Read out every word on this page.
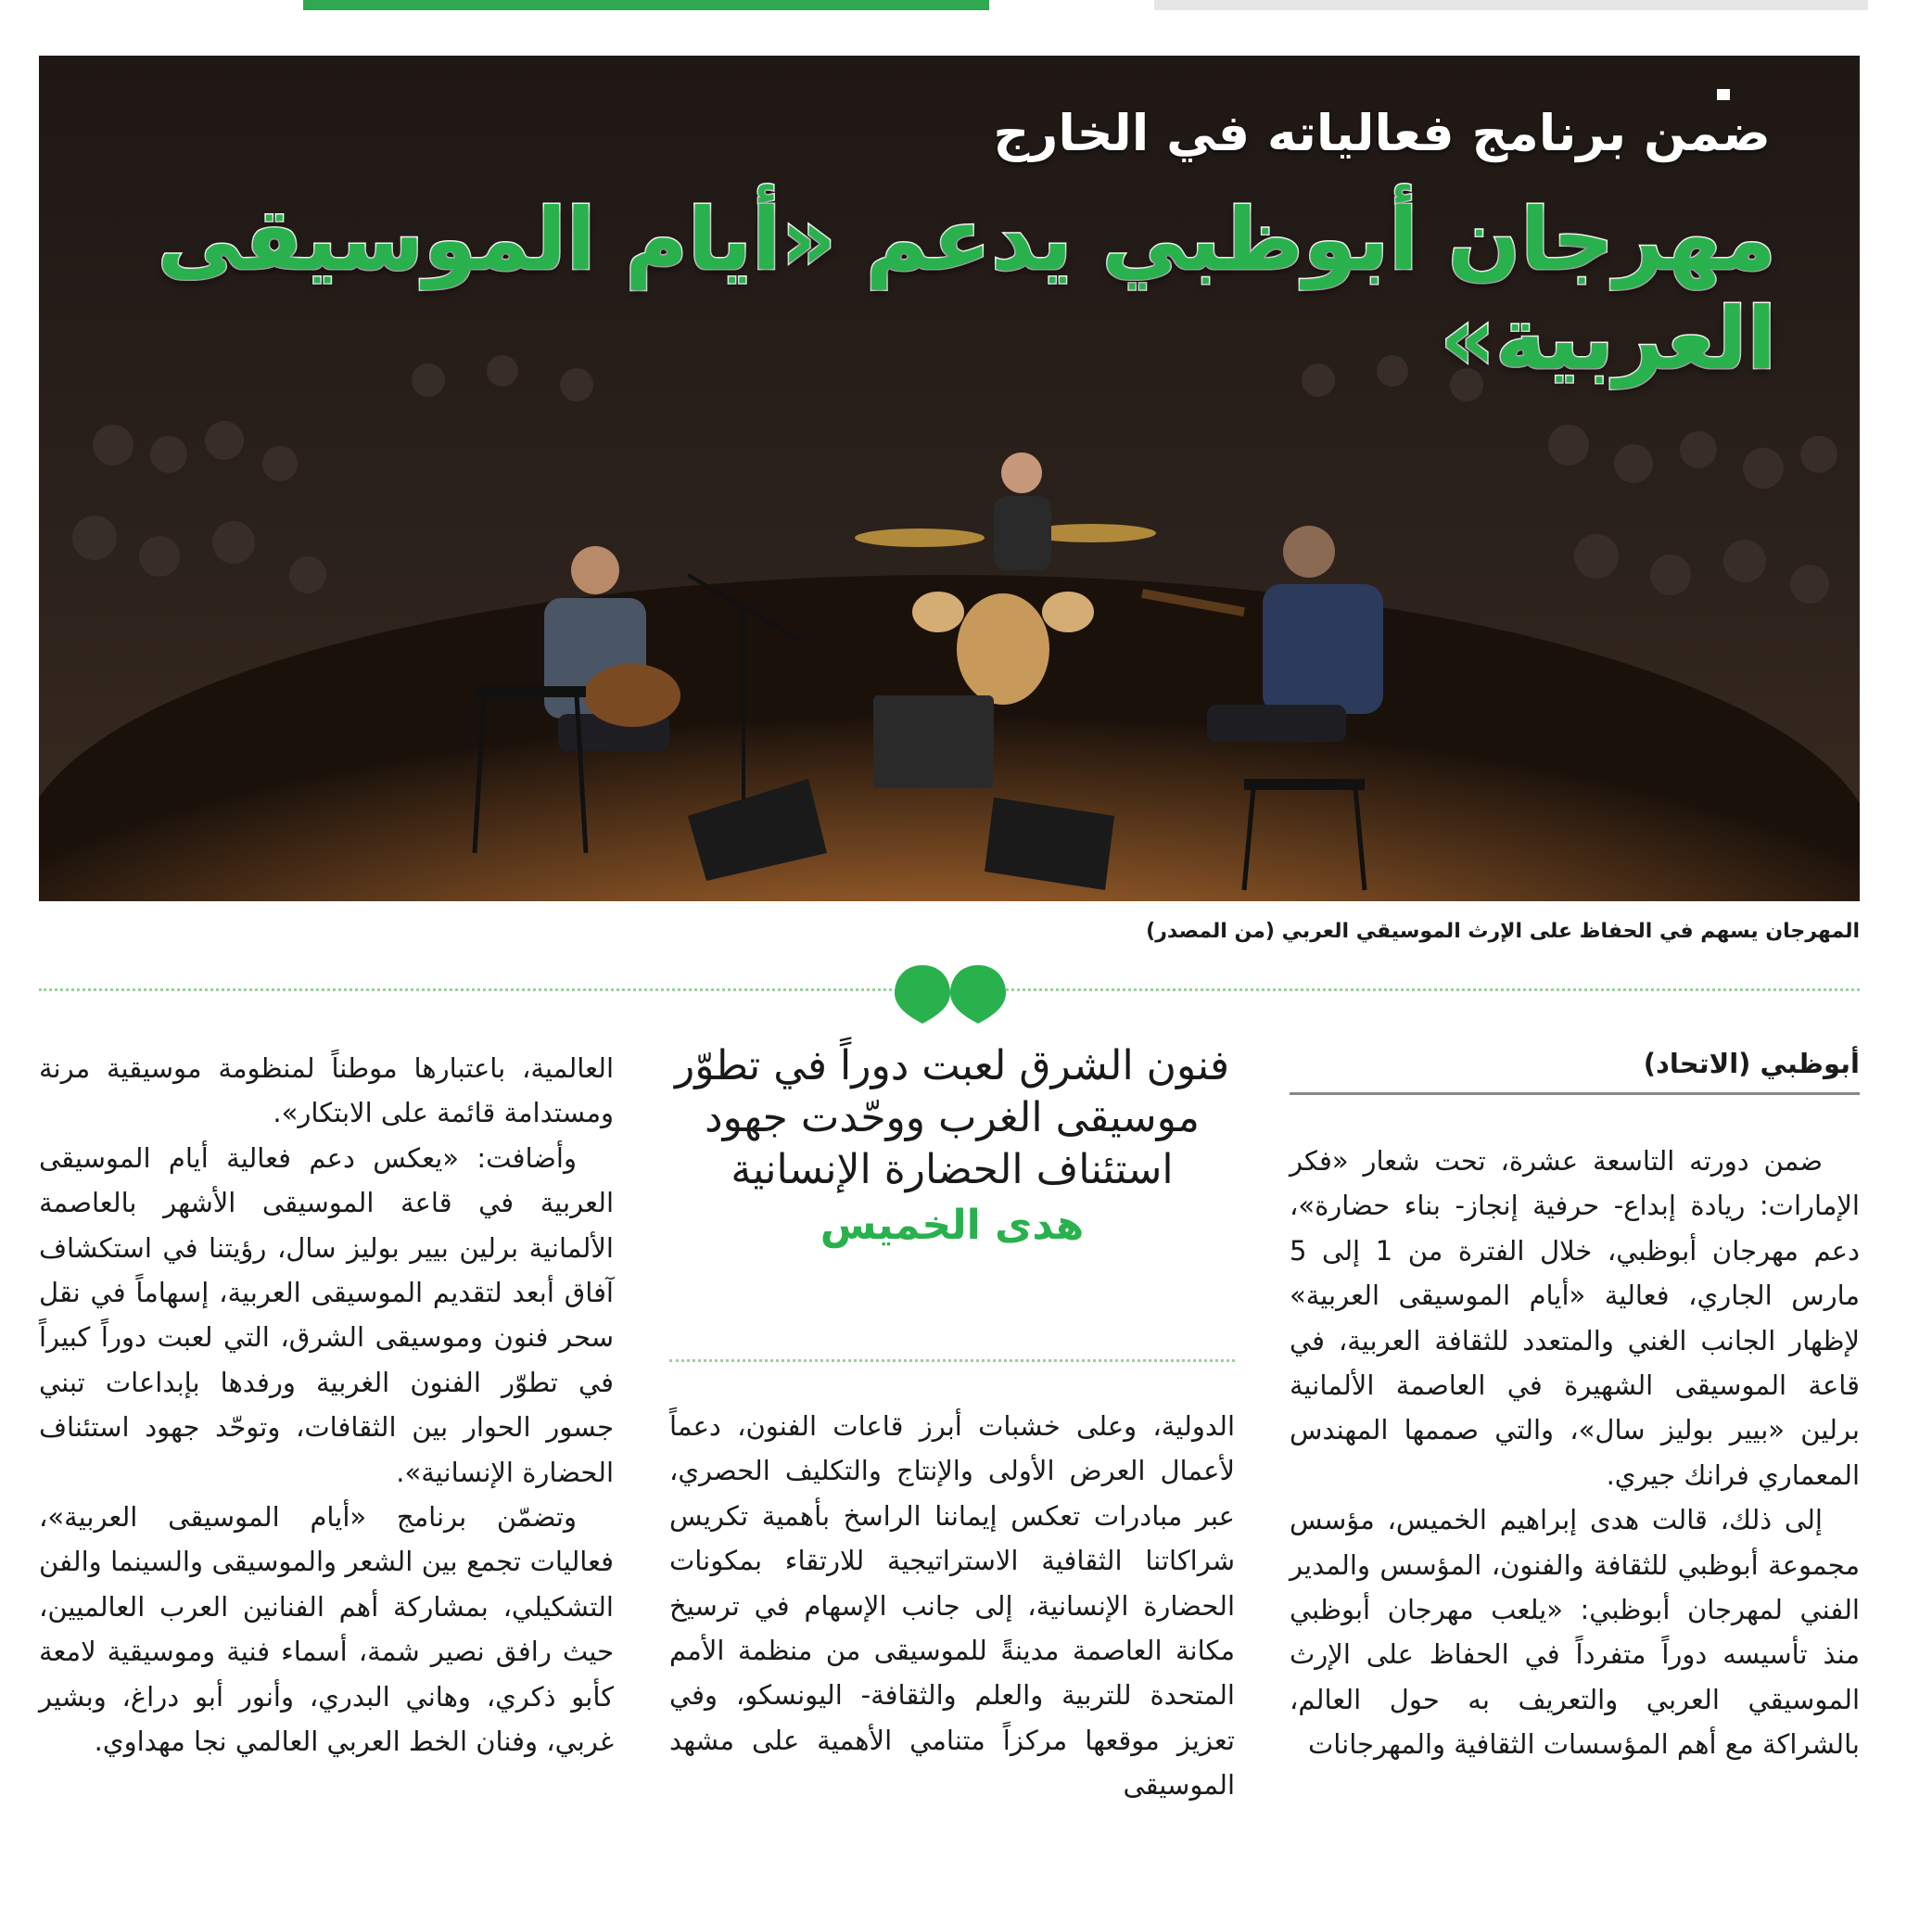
ضمن برنامج فعالياته في الخارج
مهرجان أبوظبي يدعم «أيام الموسيقى العربية»
المهرجان يسهم في الحفاظ على الإرث الموسيقي العربي (من المصدر)
أبوظبي (الاتحاد)

ضمن دورته التاسعة عشرة، تحت شعار «فكر الإمارات: ريادة إبداع- حرفية إنجاز- بناء حضارة»، دعم مهرجان أبوظبي، خلال الفترة من 1 إلى 5 مارس الجاري، فعالية «أيام الموسيقى العربية» لإظهار الجانب الغني والمتعدد للثقافة العربية، في قاعة الموسيقى الشهيرة في العاصمة الألمانية برلين «بيير بوليز سال»، والتي صممها المهندس المعماري فرانك جيري.

إلى ذلك، قالت هدى إبراهيم الخميس، مؤسس مجموعة أبوظبي للثقافة والفنون، المؤسس والمدير الفني لمهرجان أبوظبي: «يلعب مهرجان أبوظبي منذ تأسيسه دوراً متفرداً في الحفاظ على الإرث الموسيقي العربي والتعريف به حول العالم، بالشراكة مع أهم المؤسسات الثقافية والمهرجانات

فنون الشرق لعبت دوراً في تطوّر موسيقى الغرب ووحّدت جهود استئناف الحضارة الإنسانية
هدى الخميس

الدولية، وعلى خشبات أبرز قاعات الفنون، دعماً لأعمال العرض الأولى والإنتاج والتكليف الحصري، عبر مبادرات تعكس إيماننا الراسخ بأهمية تكريس شراكاتنا الثقافية الاستراتيجية للارتقاء بمكونات الحضارة الإنسانية، إلى جانب الإسهام في ترسيخ مكانة العاصمة مدينةً للموسيقى من منظمة الأمم المتحدة للتربية والعلم والثقافة- اليونسكو، وفي تعزيز موقعها مركزاً متنامي الأهمية على مشهد الموسيقى

العالمية، باعتبارها موطناً لمنظومة موسيقية مرنة ومستدامة قائمة على الابتكار».

وأضافت: «يعكس دعم فعالية أيام الموسيقى العربية في قاعة الموسيقى الأشهر بالعاصمة الألمانية برلين بيير بوليز سال، رؤيتنا في استكشاف آفاق أبعد لتقديم الموسيقى العربية، إسهاماً في نقل سحر فنون وموسيقى الشرق، التي لعبت دوراً كبيراً في تطوّر الفنون الغربية ورفدها بإبداعات تبني جسور الحوار بين الثقافات، وتوحّد جهود استئناف الحضارة الإنسانية».

وتضمّن برنامج «أيام الموسيقى العربية»، فعاليات تجمع بين الشعر والموسيقى والسينما والفن التشكيلي، بمشاركة أهم الفنانين العرب العالميين، حيث رافق نصير شمة، أسماء فنية وموسيقية لامعة كأبو ذكري، وهاني البدري، وأنور أبو دراغ، وبشير غربي، وفنان الخط العربي العالمي نجا مهداوي.
